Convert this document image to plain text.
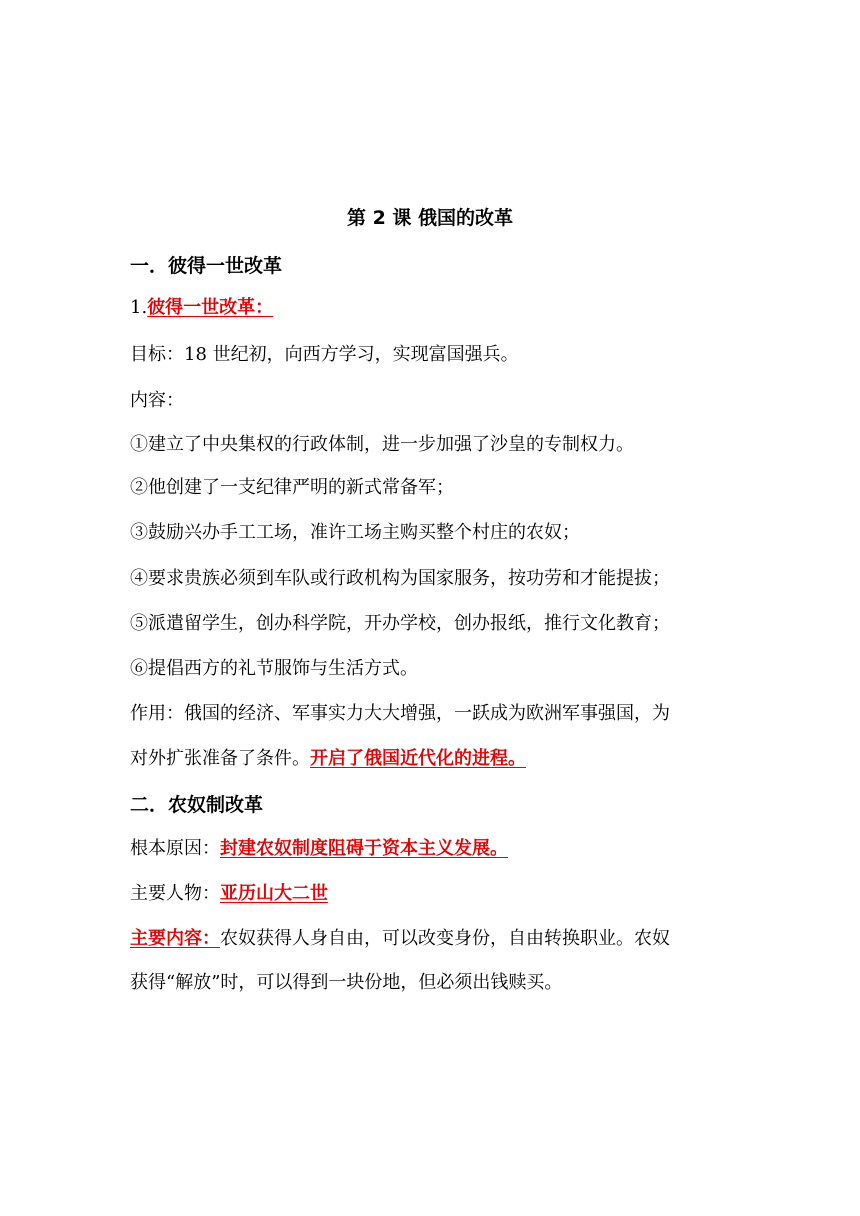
第 2 课 俄国的改革
一．彼得一世改革
1.彼得一世改革：
目标：18 世纪初，向西方学习，实现富国强兵。
内容：
①建立了中央集权的行政体制，进一步加强了沙皇的专制权力。
②他创建了一支纪律严明的新式常备军；
③鼓励兴办手工工场，准许工场主购买整个村庄的农奴；
④要求贵族必须到车队或行政机构为国家服务，按功劳和才能提拔；
⑤派遣留学生，创办科学院，开办学校，创办报纸，推行文化教育；
⑥提倡西方的礼节服饰与生活方式。
作用：俄国的经济、军事实力大大增强，一跃成为欧洲军事强国，为
对外扩张准备了条件。开启了俄国近代化的进程。
二．农奴制改革
根本原因：封建农奴制度阻碍于资本主义发展。
主要人物：亚历山大二世
主要内容：农奴获得人身自由，可以改变身份，自由转换职业。农奴
获得“解放”时，可以得到一块份地，但必须出钱赎买。
